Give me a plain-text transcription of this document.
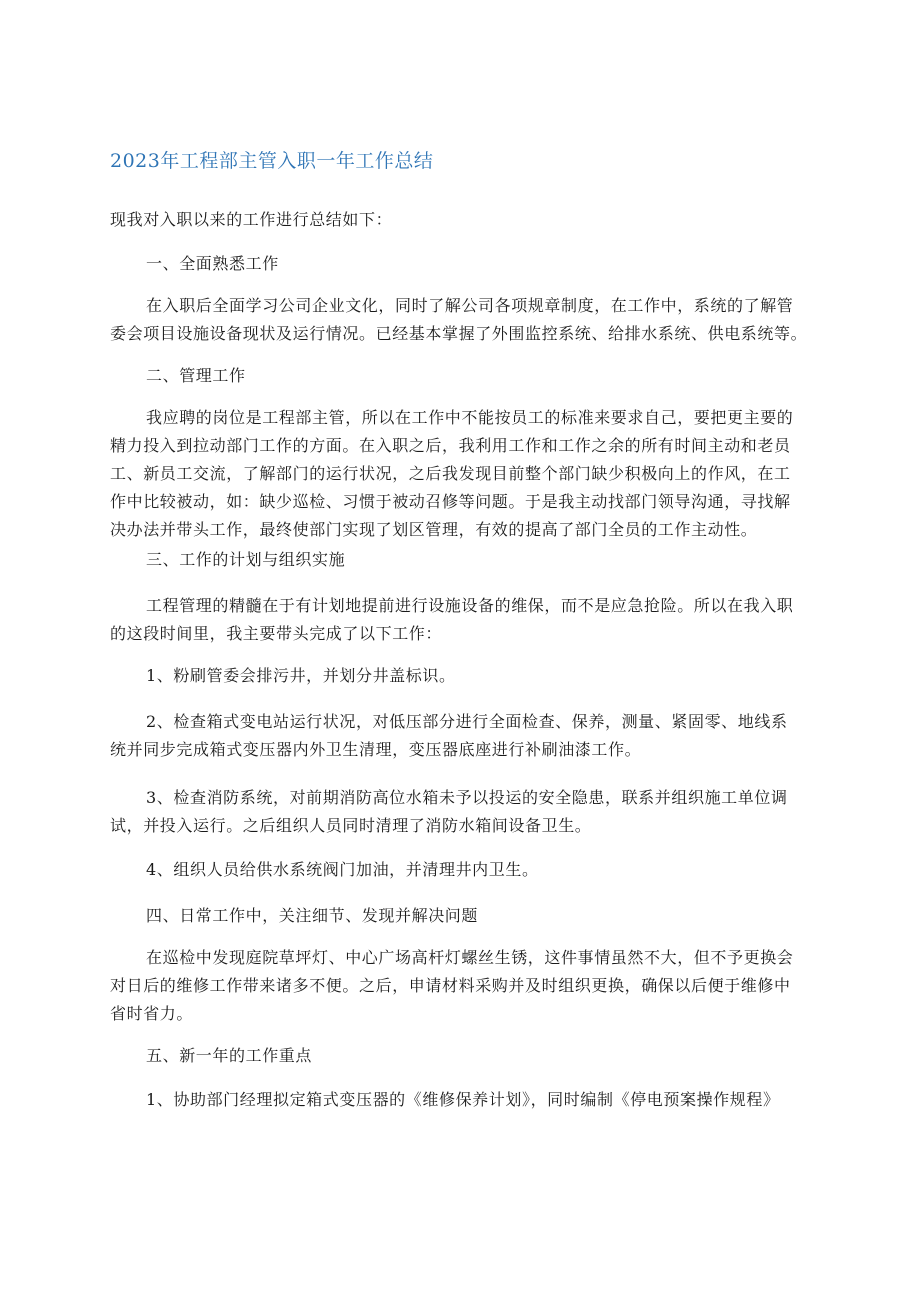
2023年工程部主管入职一年工作总结

现我对入职以来的工作进行总结如下：

一、全面熟悉工作

在入职后全面学习公司企业文化，同时了解公司各项规章制度，在工作中，系统的了解管
委会项目设施设备现状及运行情况。已经基本掌握了外围监控系统、给排水系统、供电系统等。

二、管理工作

我应聘的岗位是工程部主管，所以在工作中不能按员工的标准来要求自己，要把更主要的
精力投入到拉动部门工作的方面。在入职之后，我利用工作和工作之余的所有时间主动和老员
工、新员工交流，了解部门的运行状况，之后我发现目前整个部门缺少积极向上的作风，在工
作中比较被动，如：缺少巡检、习惯于被动召修等问题。于是我主动找部门领导沟通，寻找解
决办法并带头工作，最终使部门实现了划区管理，有效的提高了部门全员的工作主动性。

三、工作的计划与组织实施

工程管理的精髓在于有计划地提前进行设施设备的维保，而不是应急抢险。所以在我入职
的这段时间里，我主要带头完成了以下工作：

1、粉刷管委会排污井，并划分井盖标识。

2、检查箱式变电站运行状况，对低压部分进行全面检查、保养，测量、紧固零、地线系
统并同步完成箱式变压器内外卫生清理，变压器底座进行补刷油漆工作。

3、检查消防系统，对前期消防高位水箱未予以投运的安全隐患，联系并组织施工单位调
试，并投入运行。之后组织人员同时清理了消防水箱间设备卫生。

4、组织人员给供水系统阀门加油，并清理井内卫生。

四、日常工作中，关注细节、发现并解决问题

在巡检中发现庭院草坪灯、中心广场高杆灯螺丝生锈，这件事情虽然不大，但不予更换会
对日后的维修工作带来诸多不便。之后，申请材料采购并及时组织更换，确保以后便于维修中
省时省力。

五、新一年的工作重点

1、协助部门经理拟定箱式变压器的《维修保养计划》，同时编制《停电预案操作规程》
